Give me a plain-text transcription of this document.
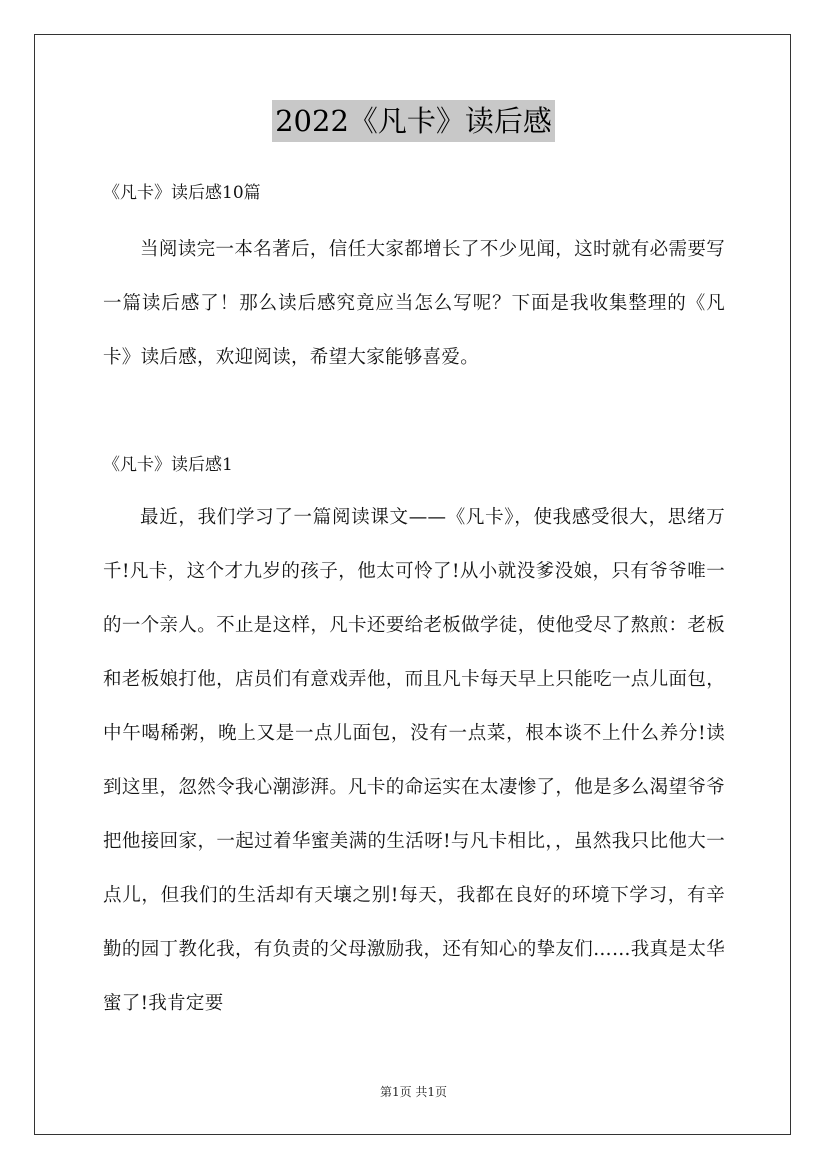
2022《凡卡》读后感
《凡卡》读后感10篇

当阅读完一本名著后，信任大家都增长了不少见闻，这时就有必需要写一篇读后感了！那么读后感究竟应当怎么写呢？下面是我收集整理的《凡卡》读后感，欢迎阅读，希望大家能够喜爱。

《凡卡》读后感1

最近，我们学习了一篇阅读课文——《凡卡》，使我感受很大，思绪万千!凡卡，这个才九岁的孩子，他太可怜了!从小就没爹没娘，只有爷爷唯一的一个亲人。不止是这样，凡卡还要给老板做学徒，使他受尽了熬煎：老板和老板娘打他，店员们有意戏弄他，而且凡卡每天早上只能吃一点儿面包，中午喝稀粥，晚上又是一点儿面包，没有一点菜，根本谈不上什么养分!读到这里，忽然令我心潮澎湃。凡卡的命运实在太凄惨了，他是多么渴望爷爷把他接回家，一起过着华蜜美满的生活呀!与凡卡相比，，虽然我只比他大一点儿，但我们的生活却有天壤之别!每天，我都在良好的环境下学习，有辛勤的园丁教化我，有负责的父母激励我，还有知心的挚友们……我真是太华蜜了!我肯定要

第1页 共1页
